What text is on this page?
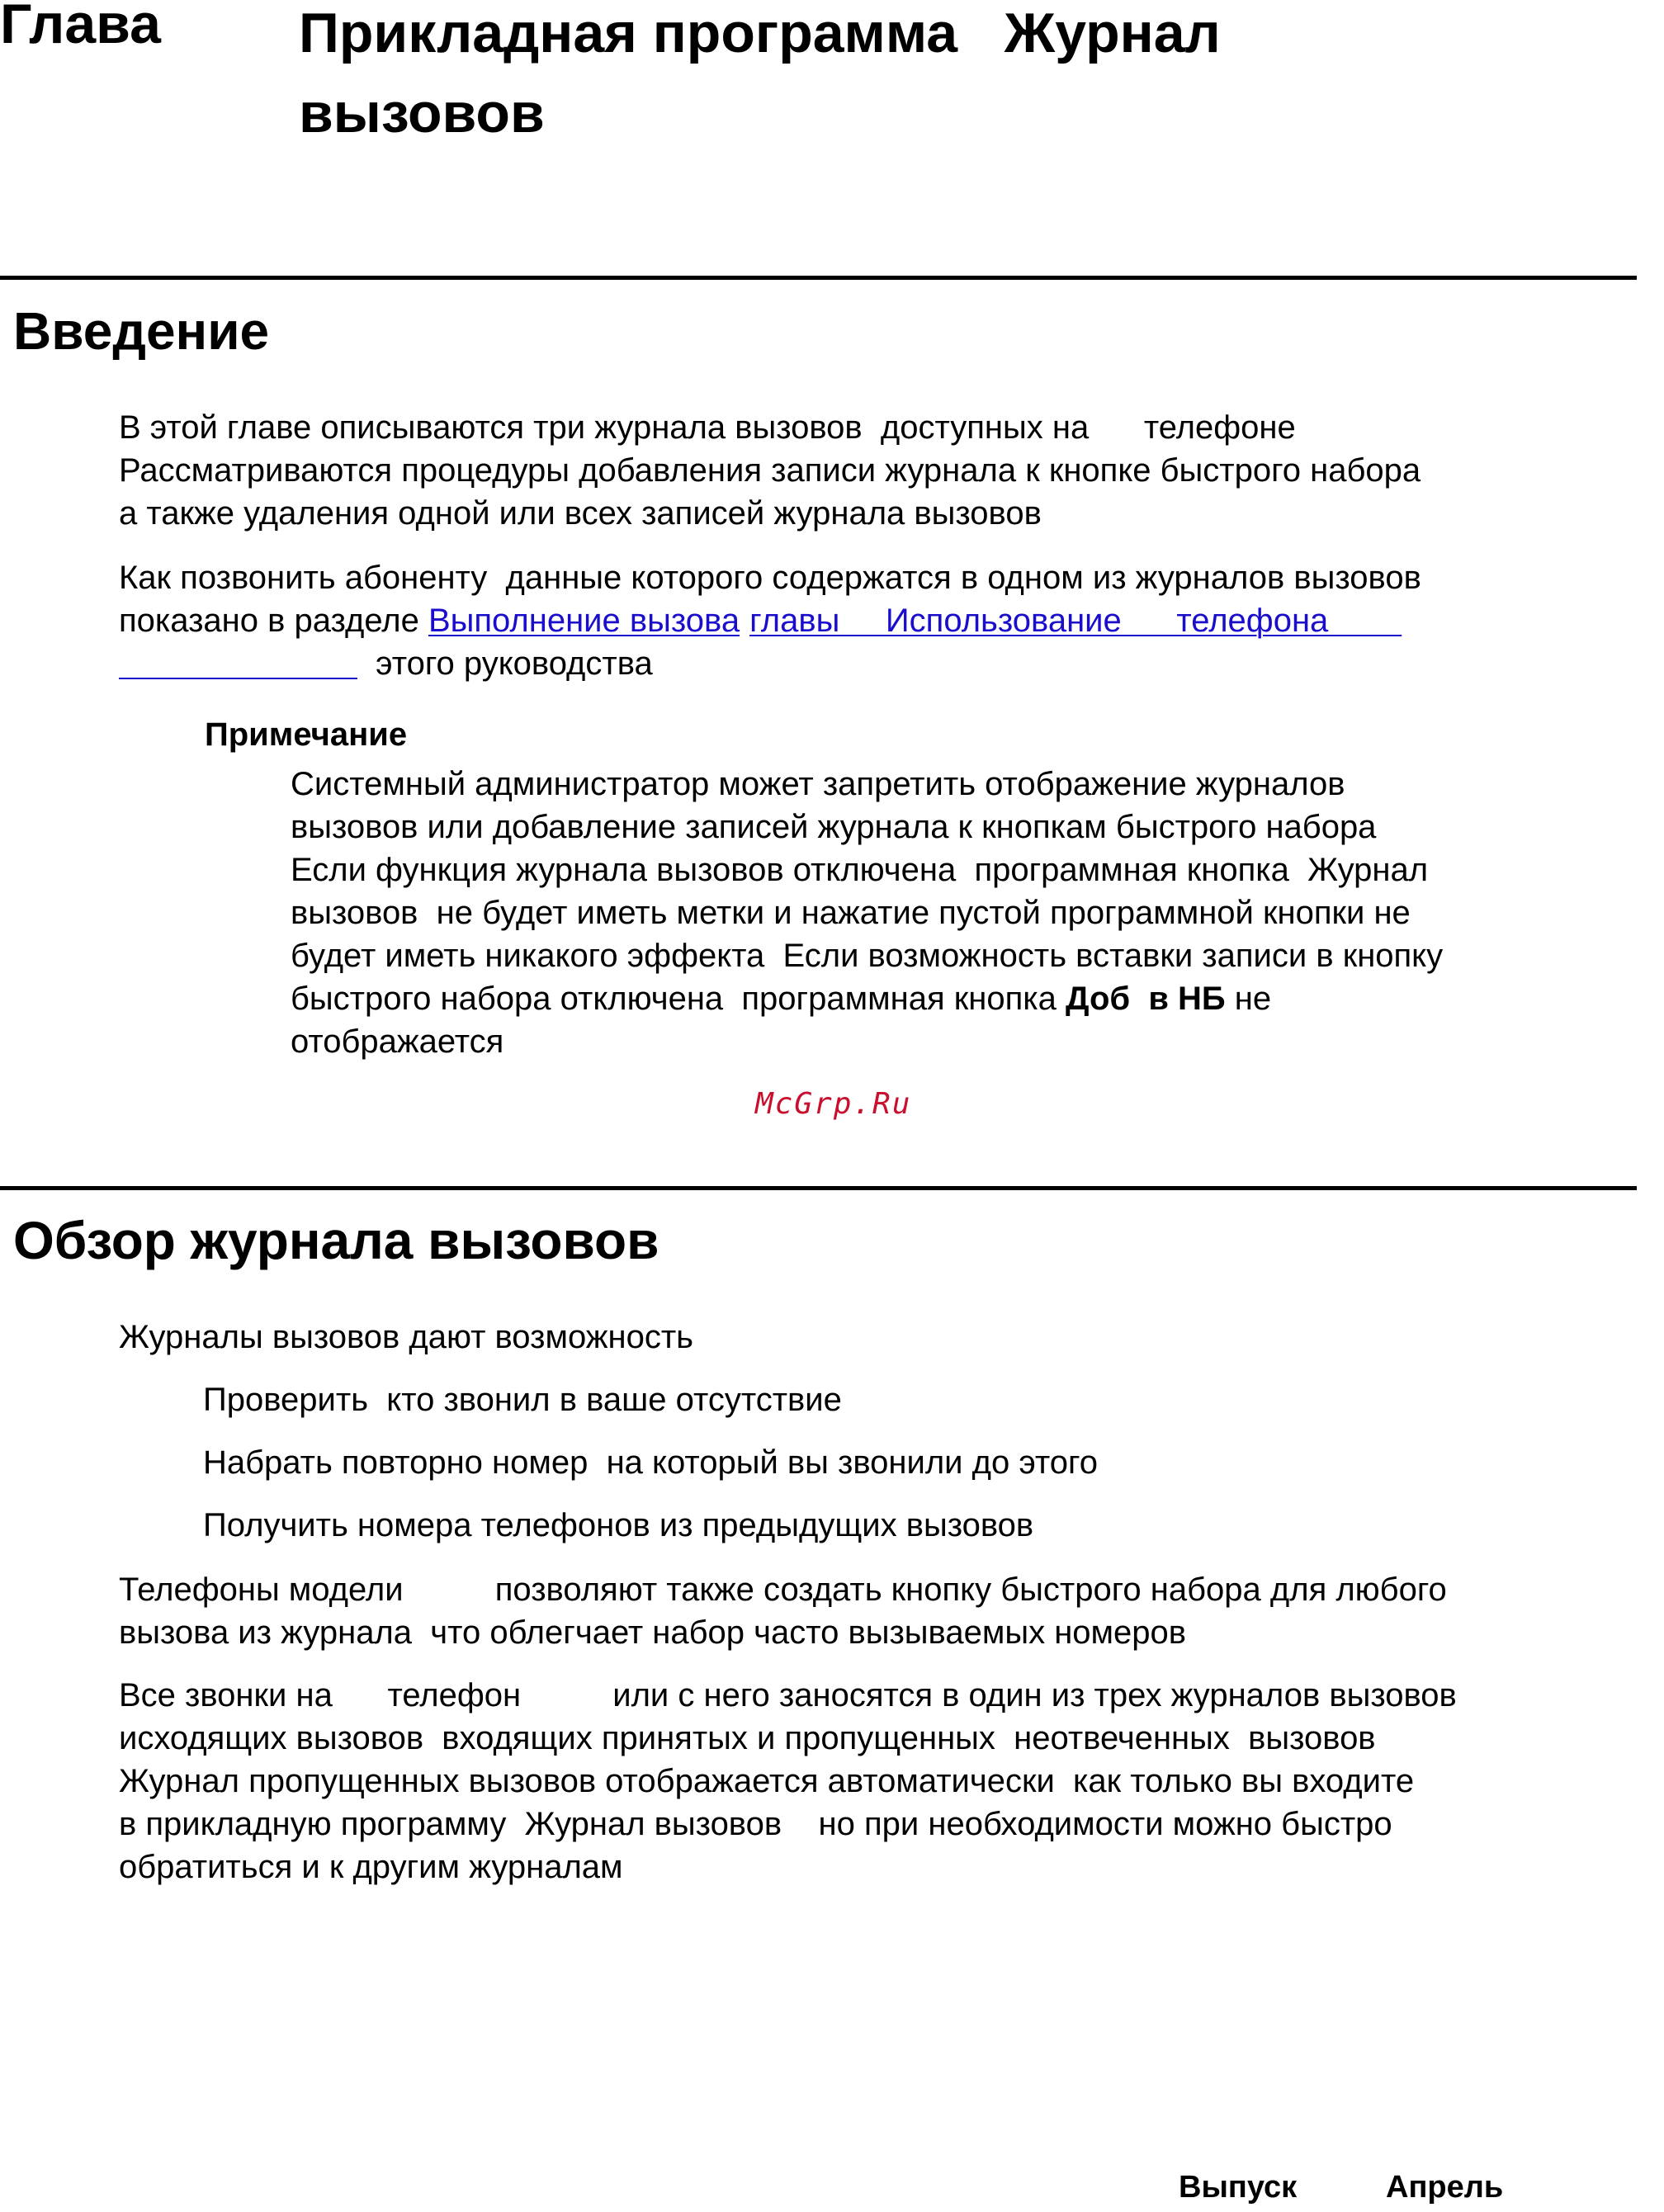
Глава Прикладная программа   Журнал
вызовов
Введение
В этой главе описываются три журнала вызовов  доступных на      телефоне
Рассматриваются процедуры добавления записи журнала к кнопке быстрого набора
а также удаления одной или всех записей журнала вызовов
Как позвонить абоненту  данные которого содержатся в одном из журналов вызовов
показано в разделе Выполнение вызова главы     Использование      телефона
этого руководства
Примечание
Системный администратор может запретить отображение журналов
вызовов или добавление записей журнала к кнопкам быстрого набора
Если функция журнала вызовов отключена  программная кнопка  Журнал
вызовов  не будет иметь метки и нажатие пустой программной кнопки не
будет иметь никакого эффекта  Если возможность вставки записи в кнопку
быстрого набора отключена  программная кнопка Доб  в НБ не
отображается
McGrp.Ru
Обзор журнала вызовов
Журналы вызовов дают возможность
Проверить  кто звонил в ваше отсутствие
Набрать повторно номер  на который вы звонили до этого
Получить номера телефонов из предыдущих вызовов
Телефоны модели          позволяют также создать кнопку быстрого набора для любого
вызова из журнала  что облегчает набор часто вызываемых номеров
Все звонки на      телефон          или с него заносятся в один из трех журналов вызовов
исходящих вызовов  входящих принятых и пропущенных  неотвеченных  вызовов
Журнал пропущенных вызовов отображается автоматически  как только вы входите
в прикладную программу  Журнал вызовов    но при необходимости можно быстро
обратиться и к другим журналам
Выпуск	Апрель
